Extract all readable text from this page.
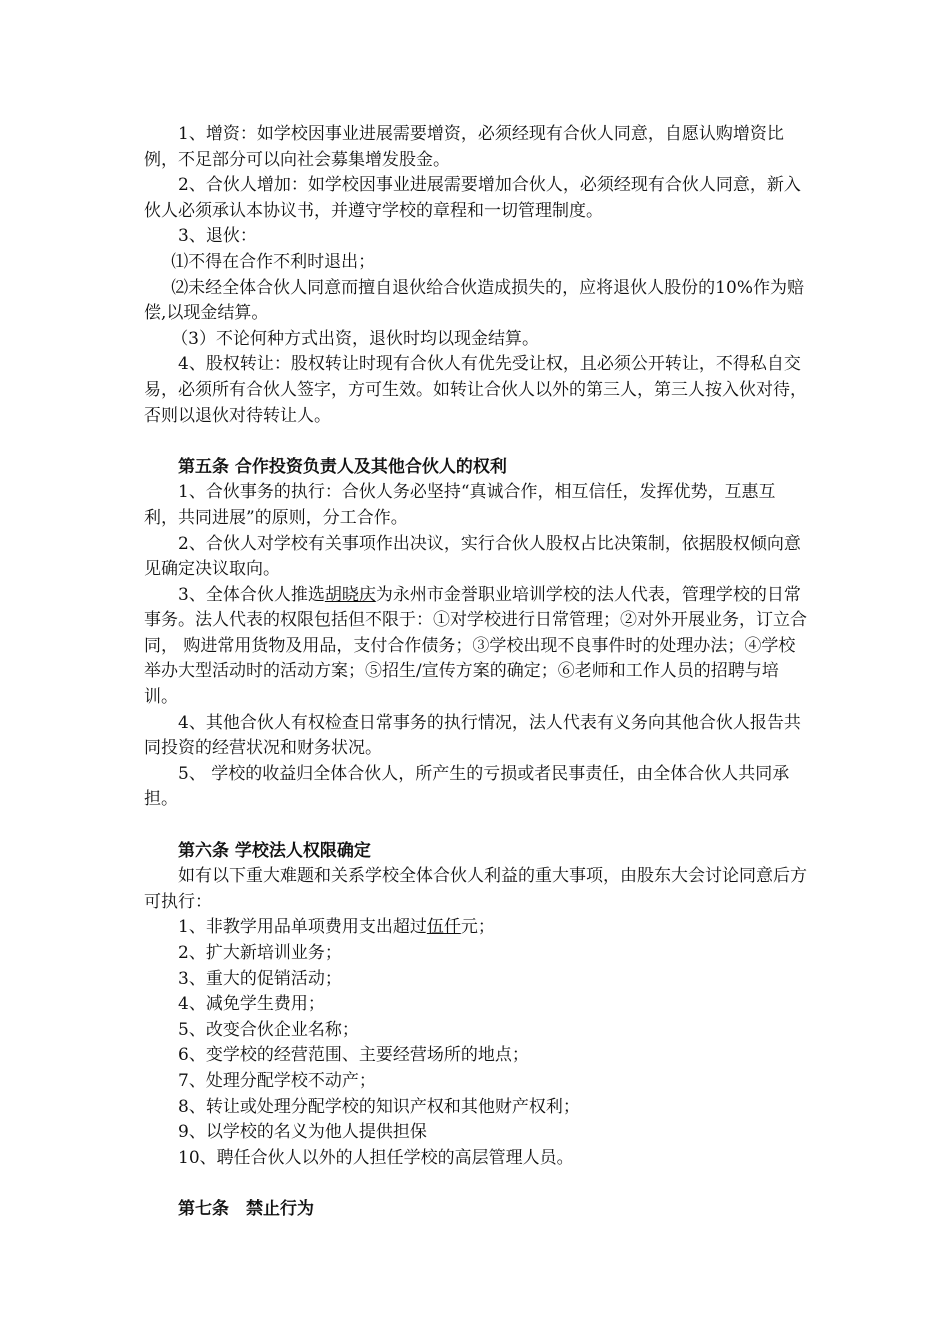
1、增资：如学校因事业进展需要增资，必须经现有合伙人同意，自愿认购增资比例，不足部分可以向社会募集增发股金。

2、合伙人增加：如学校因事业进展需要增加合伙人，必须经现有合伙人同意，新入伙人必须承认本协议书，并遵守学校的章程和一切管理制度。

3、退伙：

⑴不得在合作不利时退出；

⑵未经全体合伙人同意而擅自退伙给合伙造成损失的，应将退伙人股份的10%作为赔偿,以现金结算。

（3）不论何种方式出资，退伙时均以现金结算。

4、股权转让：股权转让时现有合伙人有优先受让权，且必须公开转让，不得私自交易，必须所有合伙人签字，方可生效。如转让合伙人以外的第三人，第三人按入伙对待，否则以退伙对待转让人。

第五条 合作投资负责人及其他合伙人的权利

1、合伙事务的执行：合伙人务必坚持“真诚合作，相互信任，发挥优势，互惠互利，共同进展”的原则，分工合作。

2、合伙人对学校有关事项作出决议，实行合伙人股权占比决策制，依据股权倾向意见确定决议取向。

3、全体合伙人推选胡晓庆为永州市金誉职业培训学校的法人代表，管理学校的日常事务。法人代表的权限包括但不限于：①对学校进行日常管理；②对外开展业务，订立合同， 购进常用货物及用品，支付合作债务；③学校出现不良事件时的处理办法；④学校举办大型活动时的活动方案；⑤招生/宣传方案的确定；⑥老师和工作人员的招聘与培训。

4、其他合伙人有权检查日常事务的执行情况，法人代表有义务向其他合伙人报告共同投资的经营状况和财务状况。

5、 学校的收益归全体合伙人，所产生的亏损或者民事责任，由全体合伙人共同承担。

第六条 学校法人权限确定

如有以下重大难题和关系学校全体合伙人利益的重大事项，由股东大会讨论同意后方可执行：

1、非教学用品单项费用支出超过伍仟元；

2、扩大新培训业务；

3、重大的促销活动；

4、减免学生费用；

5、改变合伙企业名称；

6、变学校的经营范围、主要经营场所的地点；

7、处理分配学校不动产；

8、转让或处理分配学校的知识产权和其他财产权利；

9、以学校的名义为他人提供担保

10、聘任合伙人以外的人担任学校的高层管理人员。

第七条　禁止行为
